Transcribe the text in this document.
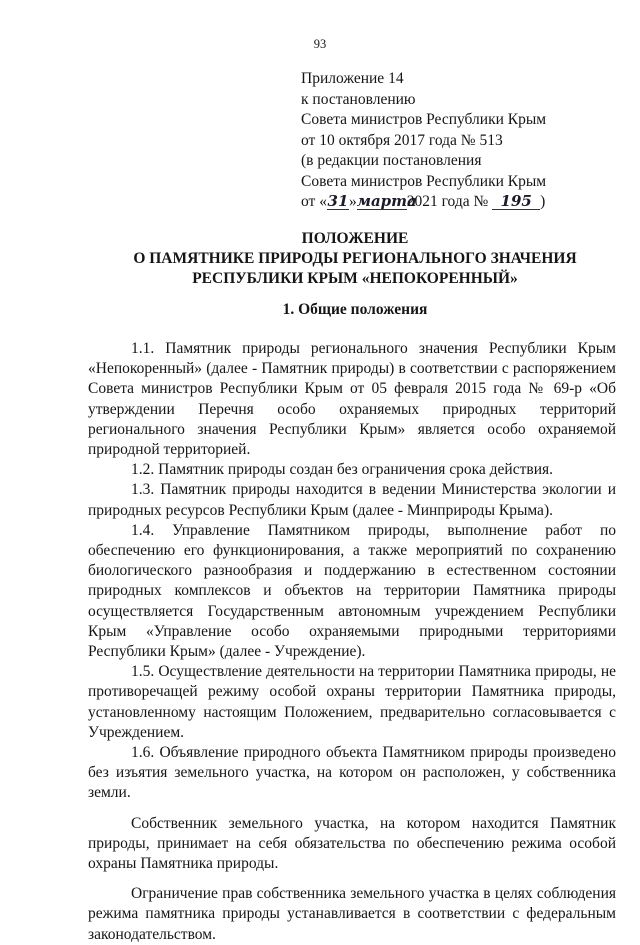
93
Приложение 14
к постановлению
Совета министров Республики Крым
от 10 октября 2017 года № 513
(в редакции постановления
Совета министров Республики Крым
от «31»марта2021 года № 195 )
ПОЛОЖЕНИЕ
О ПАМЯТНИКЕ ПРИРОДЫ РЕГИОНАЛЬНОГО ЗНАЧЕНИЯ
РЕСПУБЛИКИ КРЫМ «НЕПОКОРЕННЫЙ»
1. Общие положения

1.1. Памятник природы регионального значения Республики Крым «Непокоренный» (далее - Памятник природы) в соответствии с распоряжением Совета министров Республики Крым от 05 февраля 2015 года № 69-р «Об утверждении Перечня особо охраняемых природных территорий регионального значения Республики Крым» является особо охраняемой природной территорией.

1.2. Памятник природы создан без ограничения срока действия.

1.3. Памятник природы находится в ведении Министерства экологии и природных ресурсов Республики Крым (далее - Минприроды Крыма).

1.4. Управление Памятником природы, выполнение работ по обеспечению его функционирования, а также мероприятий по сохранению биологического разнообразия и поддержанию в естественном состоянии природных комплексов и объектов на территории Памятника природы осуществляется Государственным автономным учреждением Республики Крым «Управление особо охраняемыми природными территориями Республики Крым» (далее - Учреждение).

1.5. Осуществление деятельности на территории Памятника природы, не противоречащей режиму особой охраны территории Памятника природы, установленному настоящим Положением, предварительно согласовывается с Учреждением.

1.6. Объявление природного объекта Памятником природы произведено без изъятия земельного участка, на котором он расположен, у собственника земли.

Собственник земельного участка, на котором находится Памятник природы, принимает на себя обязательства по обеспечению режима особой охраны Памятника природы.

Ограничение прав собственника земельного участка в целях соблюдения режима памятника природы устанавливается в соответствии с федеральным законодательством.
